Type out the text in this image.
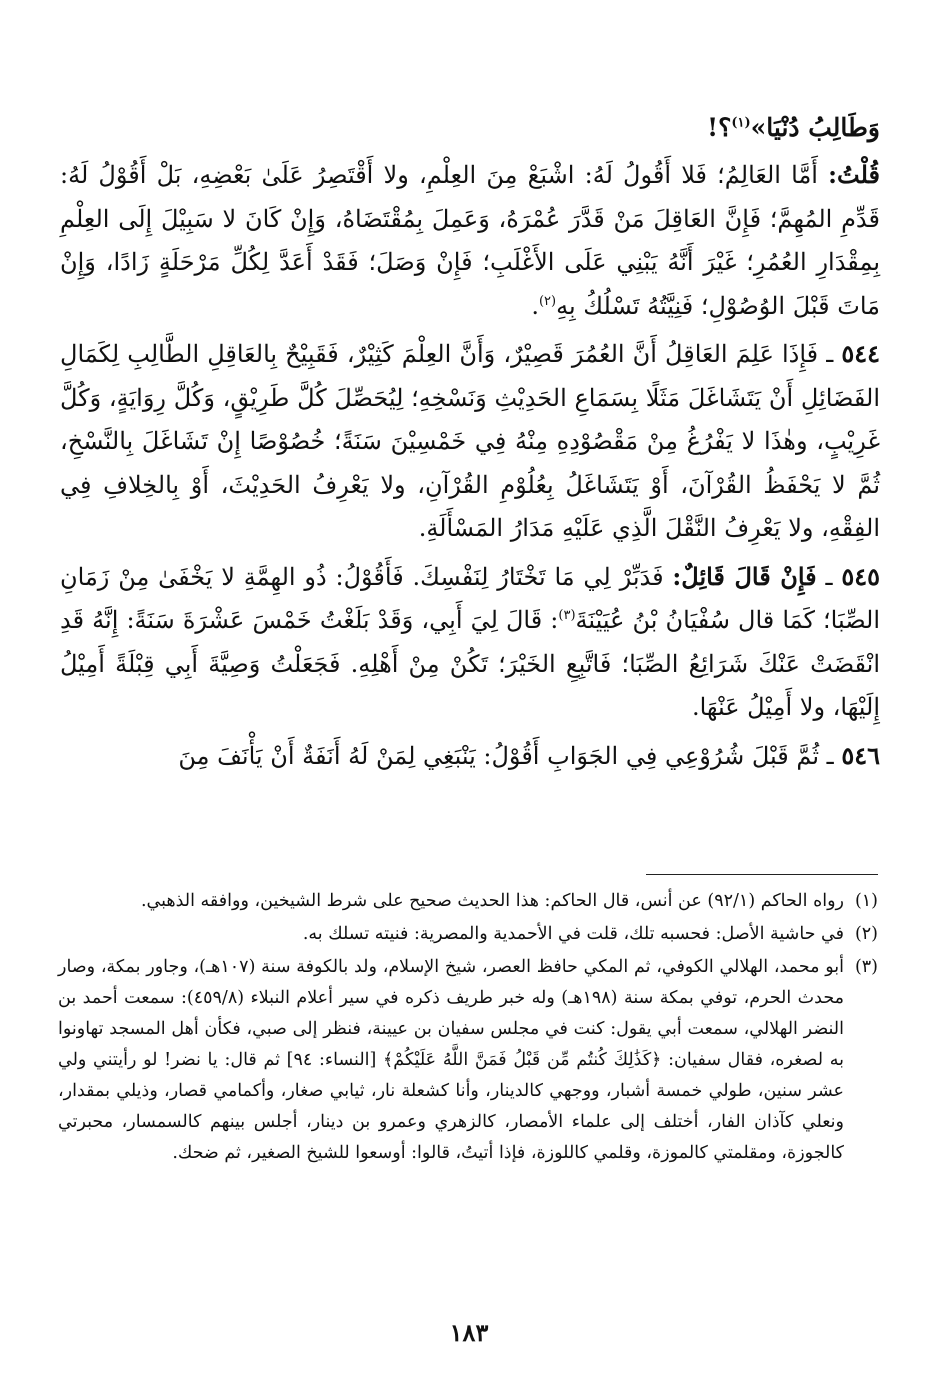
وَطَالِبُ دُنْيَا»$^{(١)}$؟!

قُلْتُ: أَمَّا العَالِمُ؛ فَلا أَقُولُ لَهُ: اشْبَعْ مِنَ العِلْمِ، ولا أَقْتَصِرُ عَلَىٰ بَعْضِهِ، بَلْ أَقُوْلُ لَهُ: قَدِّمِ المُهِمَّ؛ فَإِنَّ العَاقِلَ مَنْ قَدَّرَ عُمْرَهُ، وَعَمِلَ بِمُقْتَضَاهُ، وَإِنْ كَانَ لا سَبِيْلَ إِلَى العِلْمِ بِمِقْدَارِ العُمُرِ؛ غَيْرَ أَنَّهُ يَبْنِي عَلَى الأَغْلَبِ؛ فَإِنْ وَصَلَ؛ فَقَدْ أَعَدَّ لِكُلِّ مَرْحَلَةٍ زَادًا، وَإِنْ مَاتَ قَبْلَ الوُصُوْلِ؛ فَنِيَّتُهُ تَسْلُكُ بِهِ$^{(٢)}$.

٥٤٤ ـ فَإِذَا عَلِمَ العَاقِلُ أَنَّ العُمُرَ قَصِيْرٌ، وَأَنَّ العِلْمَ كَثِيْرٌ، فَقَبِيْحٌ بِالعَاقِلِ الطَّالِبِ لِكَمَالِ الفَضَائِلِ أَنْ يَتَشَاغَلَ مَثَلًا بِسَمَاعِ الحَدِيْثِ وَنَسْخِهِ؛ لِيُحَصِّلَ كُلَّ طَرِيْقٍ، وَكُلَّ رِوَايَةٍ، وَكُلَّ غَرِيْبٍ، وهٰذَا لا يَفْرُغُ مِنْ مَقْصُوْدِهِ مِنْهُ فِي خَمْسِيْنَ سَنَةً؛ خُصُوْصًا إِنْ تَشَاغَلَ بِالنَّسْخِ، ثُمَّ لا يَحْفَظُ القُرْآنَ، أَوْ يَتَشَاغَلُ بِعُلُوْمِ القُرْآنِ، ولا يَعْرِفُ الحَدِيْثَ، أَوْ بِالخِلافِ فِي الفِقْهِ، ولا يَعْرِفُ النَّقْلَ الَّذِي عَلَيْهِ مَدَارُ المَسْأَلَةِ.

٥٤٥ ـ فَإِنْ قَالَ قَائِلٌ: فَدَبِّرْ لِي مَا تَخْتَارُ لِنَفْسِكَ. فَأَقُوْلُ: ذُو الهِمَّةِ لا يَخْفَىٰ مِنْ زَمَانِ الصِّبَا؛ كَمَا قال سُفْيَانُ بْنُ عُيَيْنَةَ$^{(٣)}$: قَالَ لِيَ أَبِي، وَقَدْ بَلَغْتُ خَمْسَ عَشْرَةَ سَنَةً: إِنَّهُ قَدِ انْقَضَتْ عَنْكَ شَرَائِعُ الصِّبَا؛ فَاتَّبِعِ الخَيْرَ؛ تَكُنْ مِنْ أَهْلِهِ. فَجَعَلْتُ وَصِيَّةَ أَبِي قِبْلَةً أَمِيْلُ إِلَيْهَا، ولا أَمِيْلُ عَنْهَا.

٥٤٦ ـ ثُمَّ قَبْلَ شُرُوْعِي فِي الجَوَابِ أَقُوْلُ: يَنْبَغِي لِمَنْ لَهُ أَنَفَةٌ أَنْ يَأْنَفَ مِنَ

(١)
رواه الحاكم (٩٢/١) عن أنس، قال الحاكم: هذا الحديث صحيح على شرط الشيخين، ووافقه الذهبي.

(٢)
في حاشية الأصل: فحسبه تلك، قلت في الأحمدية والمصرية: فنيته تسلك به.

(٣)
أبو محمد، الهلالي الكوفي، ثم المكي حافظ العصر، شيخ الإسلام، ولد بالكوفة سنة (١٠٧هـ)، وجاور بمكة، وصار محدث الحرم، توفي بمكة سنة (١٩٨هـ) وله خبر طريف ذكره في سير أعلام النبلاء (٤٥٩/٨): سمعت أحمد بن النضر الهلالي، سمعت أبي يقول: كنت في مجلس سفيان بن عيينة، فنظر إلى صبي، فكأن أهل المسجد تهاونوا به لصغره، فقال سفيان: ﴿كَذَٰلِكَ كُنتُم مِّن قَبْلُ فَمَنَّ اللَّهُ عَلَيْكُمْ﴾ [النساء: ٩٤] ثم قال: يا نضر! لو رأيتني ولي عشر سنين، طولي خمسة أشبار، ووجهي كالدينار، وأنا كشعلة نار، ثيابي صغار، وأكمامي قصار، وذيلي بمقدار، ونعلي كآذان الفار، أختلف إلى علماء الأمصار، كالزهري وعمرو بن دينار، أجلس بينهم كالسمسار، محبرتي كالجوزة، ومقلمتي كالموزة، وقلمي كاللوزة، فإذا أتيتُ، قالوا: أوسعوا للشيخ الصغير، ثم ضحك.

١٨٣
